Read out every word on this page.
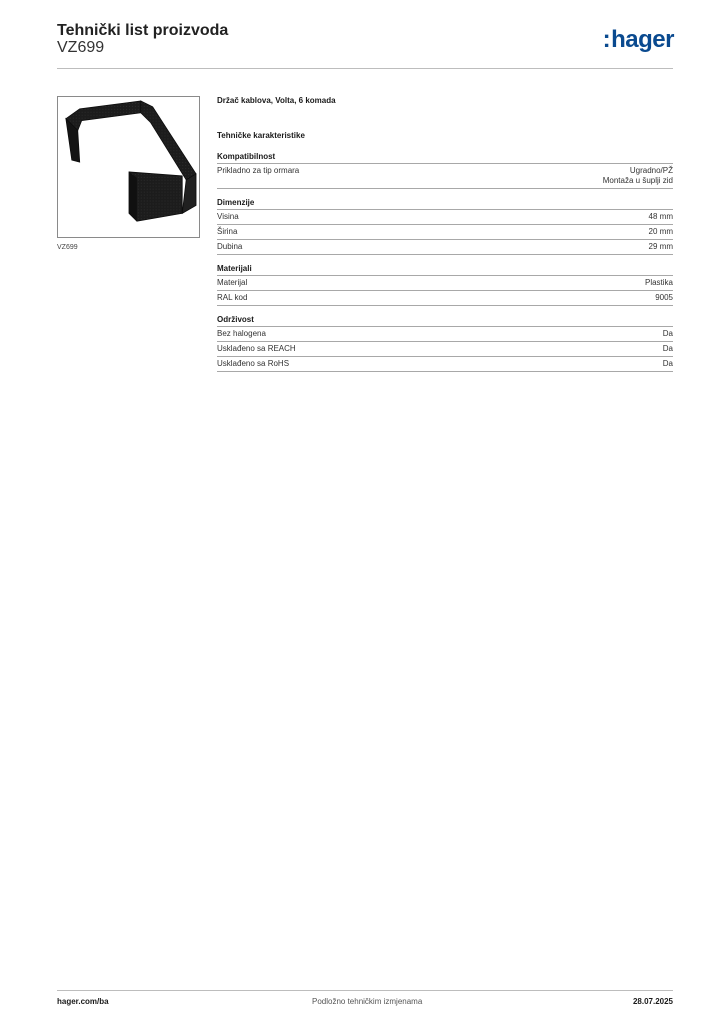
Tehnički list proizvoda
VZ699	:hager
VZ699
Držač kablova, Volta, 6 komada
Tehničke karakteristike
Kompatibilnost
Prikladno za tip ormara	Ugradno/PŽ
Montaža u šuplji zid
Dimenzije
Visina	48 mm
Širina	20 mm
Dubina	29 mm
Materijali
Materijal	Plastika
RAL kod	9005
Održivost
Bez halogena	Da
Usklađeno sa REACH	Da
Usklađeno sa RoHS	Da
hager.com/ba	Podložno tehničkim izmjenama	28.07.2025
